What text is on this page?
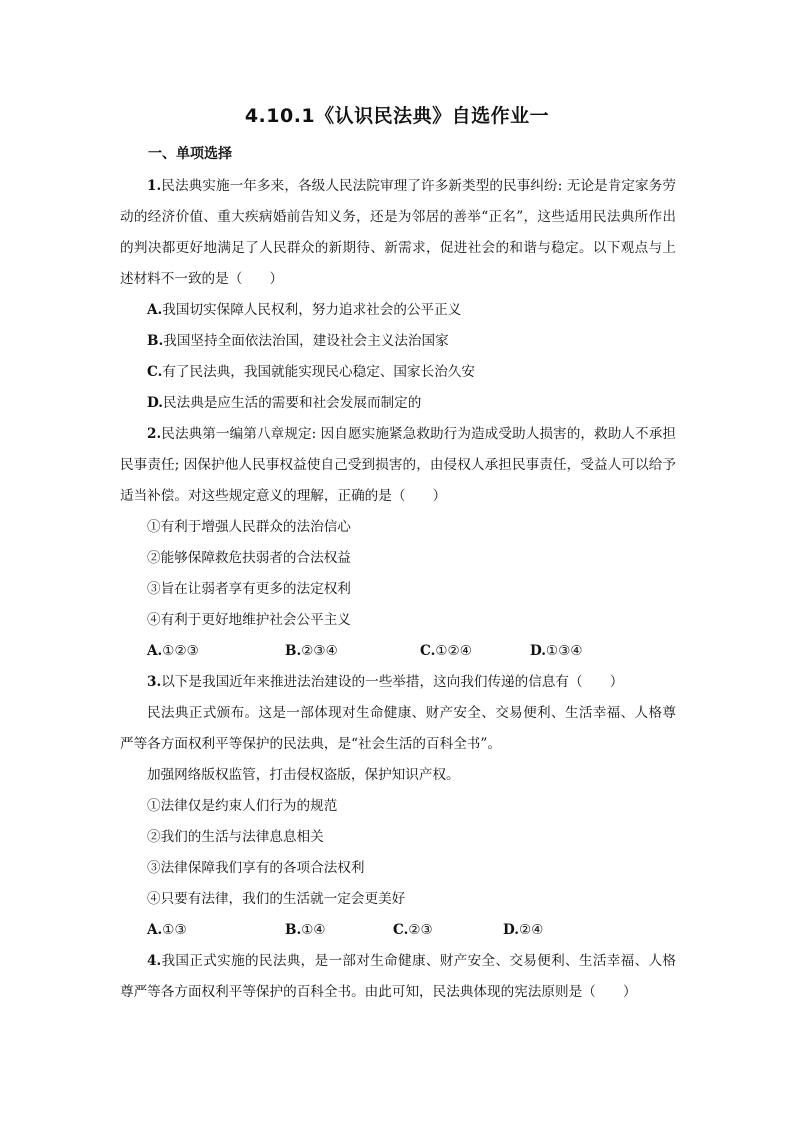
4.10.1《认识民法典》自选作业一
一、单项选择

1.民法典实施一年多来，各级人民法院审理了许多新类型的民事纠纷: 无论是肯定家务劳动的经济价值、重大疾病婚前告知义务，还是为邻居的善举“正名”，这些适用民法典所作出的判决都更好地满足了人民群众的新期待、新需求，促进社会的和谐与稳定。以下观点与上述材料不一致的是（　　）

A.我国切实保障人民权利，努力追求社会的公平正义

B.我国坚持全面依法治国，建设社会主义法治国家

C.有了民法典，我国就能实现民心稳定、国家长治久安

D.民法典是应生活的需要和社会发展而制定的

2.民法典第一编第八章规定: 因自愿实施紧急救助行为造成受助人损害的，救助人不承担民事责任; 因保护他人民事权益使自己受到损害的，由侵权人承担民事责任，受益人可以给予适当补偿。对这些规定意义的理解，正确的是（　　）

①有利于增强人民群众的法治信心

②能够保障救危扶弱者的合法权益

③旨在让弱者享有更多的法定权利

④有利于更好地维护社会公平主义

A.①②③	B.②③④	C.①②④	D.①③④

3.以下是我国近年来推进法治建设的一些举措，这向我们传递的信息有（　　）

民法典正式颁布。这是一部体现对生命健康、财产安全、交易便利、生活幸福、人格尊严等各方面权利平等保护的民法典，是“社会生活的百科全书”。

加强网络版权监管，打击侵权盗版，保护知识产权。

①法律仅是约束人们行为的规范

②我们的生活与法律息息相关

③法律保障我们享有的各项合法权利

④只要有法律，我们的生活就一定会更美好

A.①③	B.①④	C.②③	D.②④

4.我国正式实施的民法典，是一部对生命健康、财产安全、交易便利、生活幸福、人格尊严等各方面权利平等保护的百科全书。由此可知，民法典体现的宪法原则是（　　）
